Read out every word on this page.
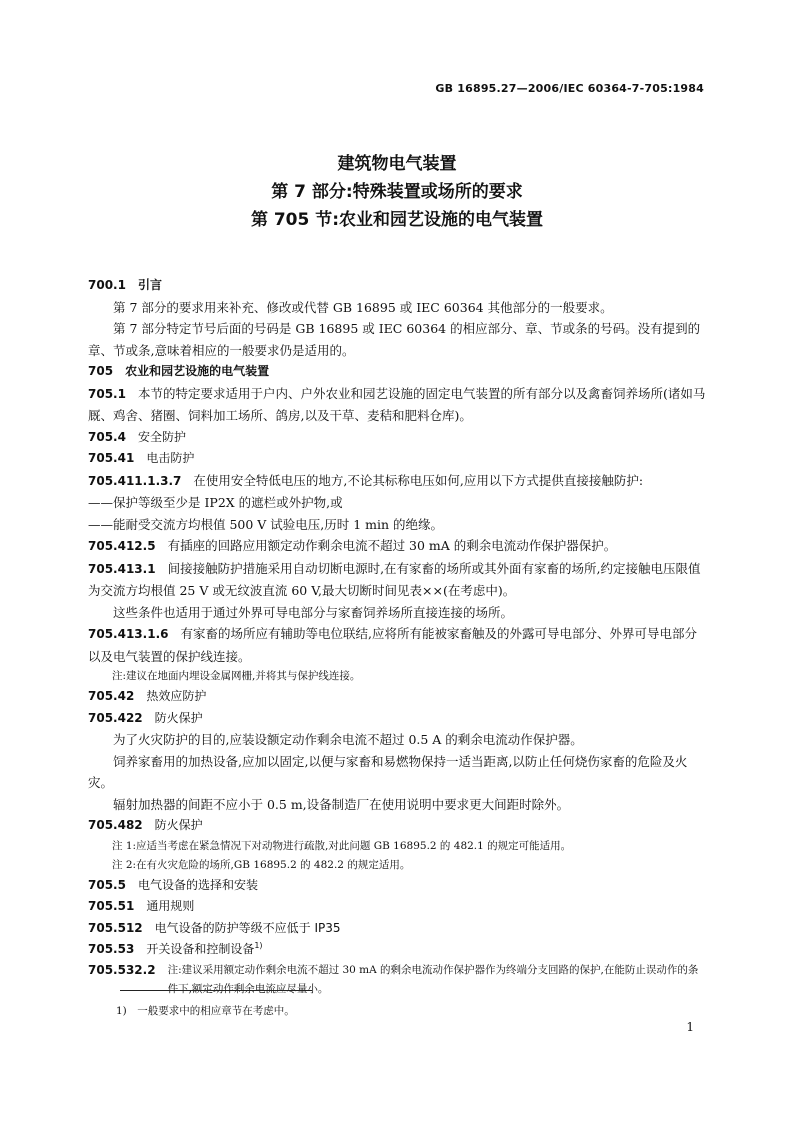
GB 16895.27—2006/IEC 60364-7-705:1984
建筑物电气装置
第 7 部分:特殊装置或场所的要求
第 705 节:农业和园艺设施的电气装置

700.1 引言

第 7 部分的要求用来补充、修改或代替 GB 16895 或 IEC 60364 其他部分的一般要求。

第 7 部分特定节号后面的号码是 GB 16895 或 IEC 60364 的相应部分、章、节或条的号码。没有提到的章、节或条,意味着相应的一般要求仍是适用的。

705 农业和园艺设施的电气装置

705.1 本节的特定要求适用于户内、户外农业和园艺设施的固定电气装置的所有部分以及禽畜饲养场所(诸如马厩、鸡舍、猪圈、饲料加工场所、鸽房,以及干草、麦秸和肥料仓库)。

705.4 安全防护

705.41 电击防护

705.411.1.3.7 在使用安全特低电压的地方,不论其标称电压如何,应用以下方式提供直接接触防护:

——保护等级至少是 IP2X 的遮栏或外护物,或

——能耐受交流方均根值 500 V 试验电压,历时 1 min 的绝缘。

705.412.5 有插座的回路应用额定动作剩余电流不超过 30 mA 的剩余电流动作保护器保护。

705.413.1 间接接触防护措施采用自动切断电源时,在有家畜的场所或其外面有家畜的场所,约定接触电压限值为交流方均根值 25 V 或无纹波直流 60 V,最大切断时间见表××(在考虑中)。

这些条件也适用于通过外界可导电部分与家畜饲养场所直接连接的场所。

705.413.1.6 有家畜的场所应有辅助等电位联结,应将所有能被家畜触及的外露可导电部分、外界可导电部分以及电气装置的保护线连接。

注:建议在地面内埋设金属网栅,并将其与保护线连接。

705.42 热效应防护

705.422 防火保护

为了火灾防护的目的,应装设额定动作剩余电流不超过 0.5 A 的剩余电流动作保护器。

饲养家畜用的加热设备,应加以固定,以便与家畜和易燃物保持一适当距离,以防止任何烧伤家畜的危险及火灾。

辐射加热器的间距不应小于 0.5 m,设备制造厂在使用说明中要求更大间距时除外。

705.482 防火保护

注 1:应适当考虑在紧急情况下对动物进行疏散,对此问题 GB 16895.2 的 482.1 的规定可能适用。

注 2:在有火灾危险的场所,GB 16895.2 的 482.2 的规定适用。

705.5 电气设备的选择和安装

705.51 通用规则

705.512 电气设备的防护等级不应低于 IP35

705.53 开关设备和控制设备$^{1)}$

705.532.2 注:建议采用额定动作剩余电流不超过 30 mA 的剩余电流动作保护器作为终端分支回路的保护,在能防止误动作的条件下,额定动作剩余电流应尽量小。
1)　一般要求中的相应章节在考虑中。
1
